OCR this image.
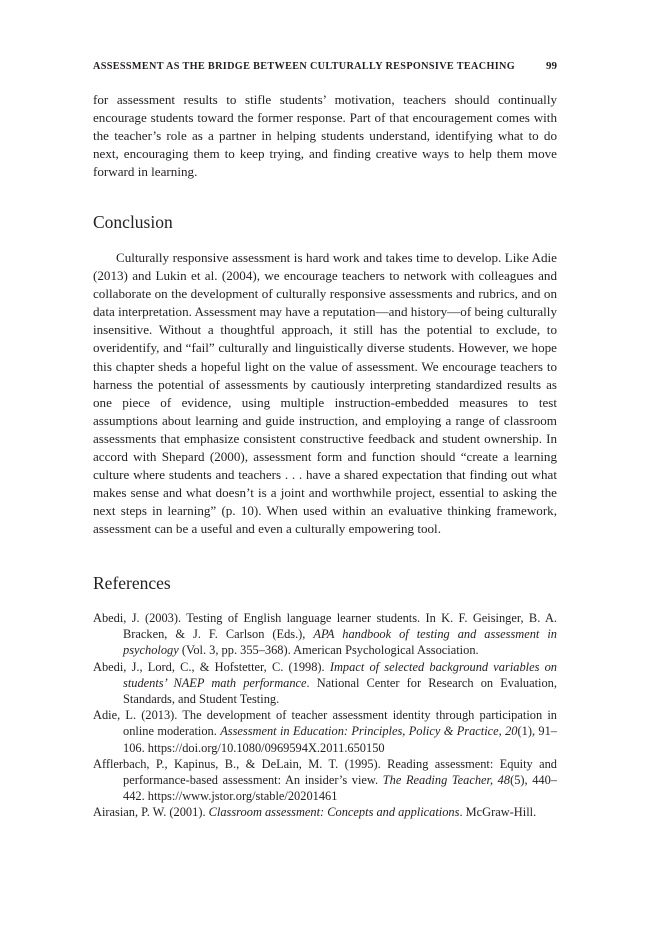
ASSESSMENT AS THE BRIDGE BETWEEN CULTURALLY RESPONSIVE TEACHING	99

for assessment results to stifle students’ motivation, teachers should continually encourage students toward the former response. Part of that encouragement comes with the teacher’s role as a partner in helping students understand, identifying what to do next, encouraging them to keep trying, and finding creative ways to help them move forward in learning.

Conclusion

Culturally responsive assessment is hard work and takes time to develop. Like Adie (2013) and Lukin et al. (2004), we encourage teachers to network with colleagues and collaborate on the development of culturally responsive assessments and rubrics, and on data interpretation. Assessment may have a reputation—and history—of being culturally insensitive. Without a thoughtful approach, it still has the potential to exclude, to overidentify, and “fail” culturally and linguistically diverse students. However, we hope this chapter sheds a hopeful light on the value of assessment. We encourage teachers to harness the potential of assessments by cautiously interpreting standardized results as one piece of evidence, using multiple instruction-embedded measures to test assumptions about learning and guide instruction, and employing a range of classroom assessments that emphasize consistent constructive feedback and student ownership. In accord with Shepard (2000), assessment form and function should “create a learning culture where students and teachers . . . have a shared expectation that finding out what makes sense and what doesn’t is a joint and worthwhile project, essential to asking the next steps in learning” (p. 10). When used within an evaluative thinking framework, assessment can be a useful and even a culturally empowering tool.

References

Abedi, J. (2003). Testing of English language learner students. In K. F. Geisinger, B. A. Bracken, & J. F. Carlson (Eds.), APA handbook of testing and assessment in psychology (Vol. 3, pp. 355–368). American Psychological Association.

Abedi, J., Lord, C., & Hofstetter, C. (1998). Impact of selected background variables on students’ NAEP math performance. National Center for Research on Evaluation, Standards, and Student Testing.

Adie, L. (2013). The development of teacher assessment identity through participation in online moderation. Assessment in Education: Principles, Policy & Practice, 20(1), 91–106. https://doi.org/10.1080/0969594X.2011.650150

Afflerbach, P., Kapinus, B., & DeLain, M. T. (1995). Reading assessment: Equity and performance-based assessment: An insider’s view. The Reading Teacher, 48(5), 440–442. https://www.jstor.org/stable/20201461

Airasian, P. W. (2001). Classroom assessment: Concepts and applications. McGraw-Hill.
